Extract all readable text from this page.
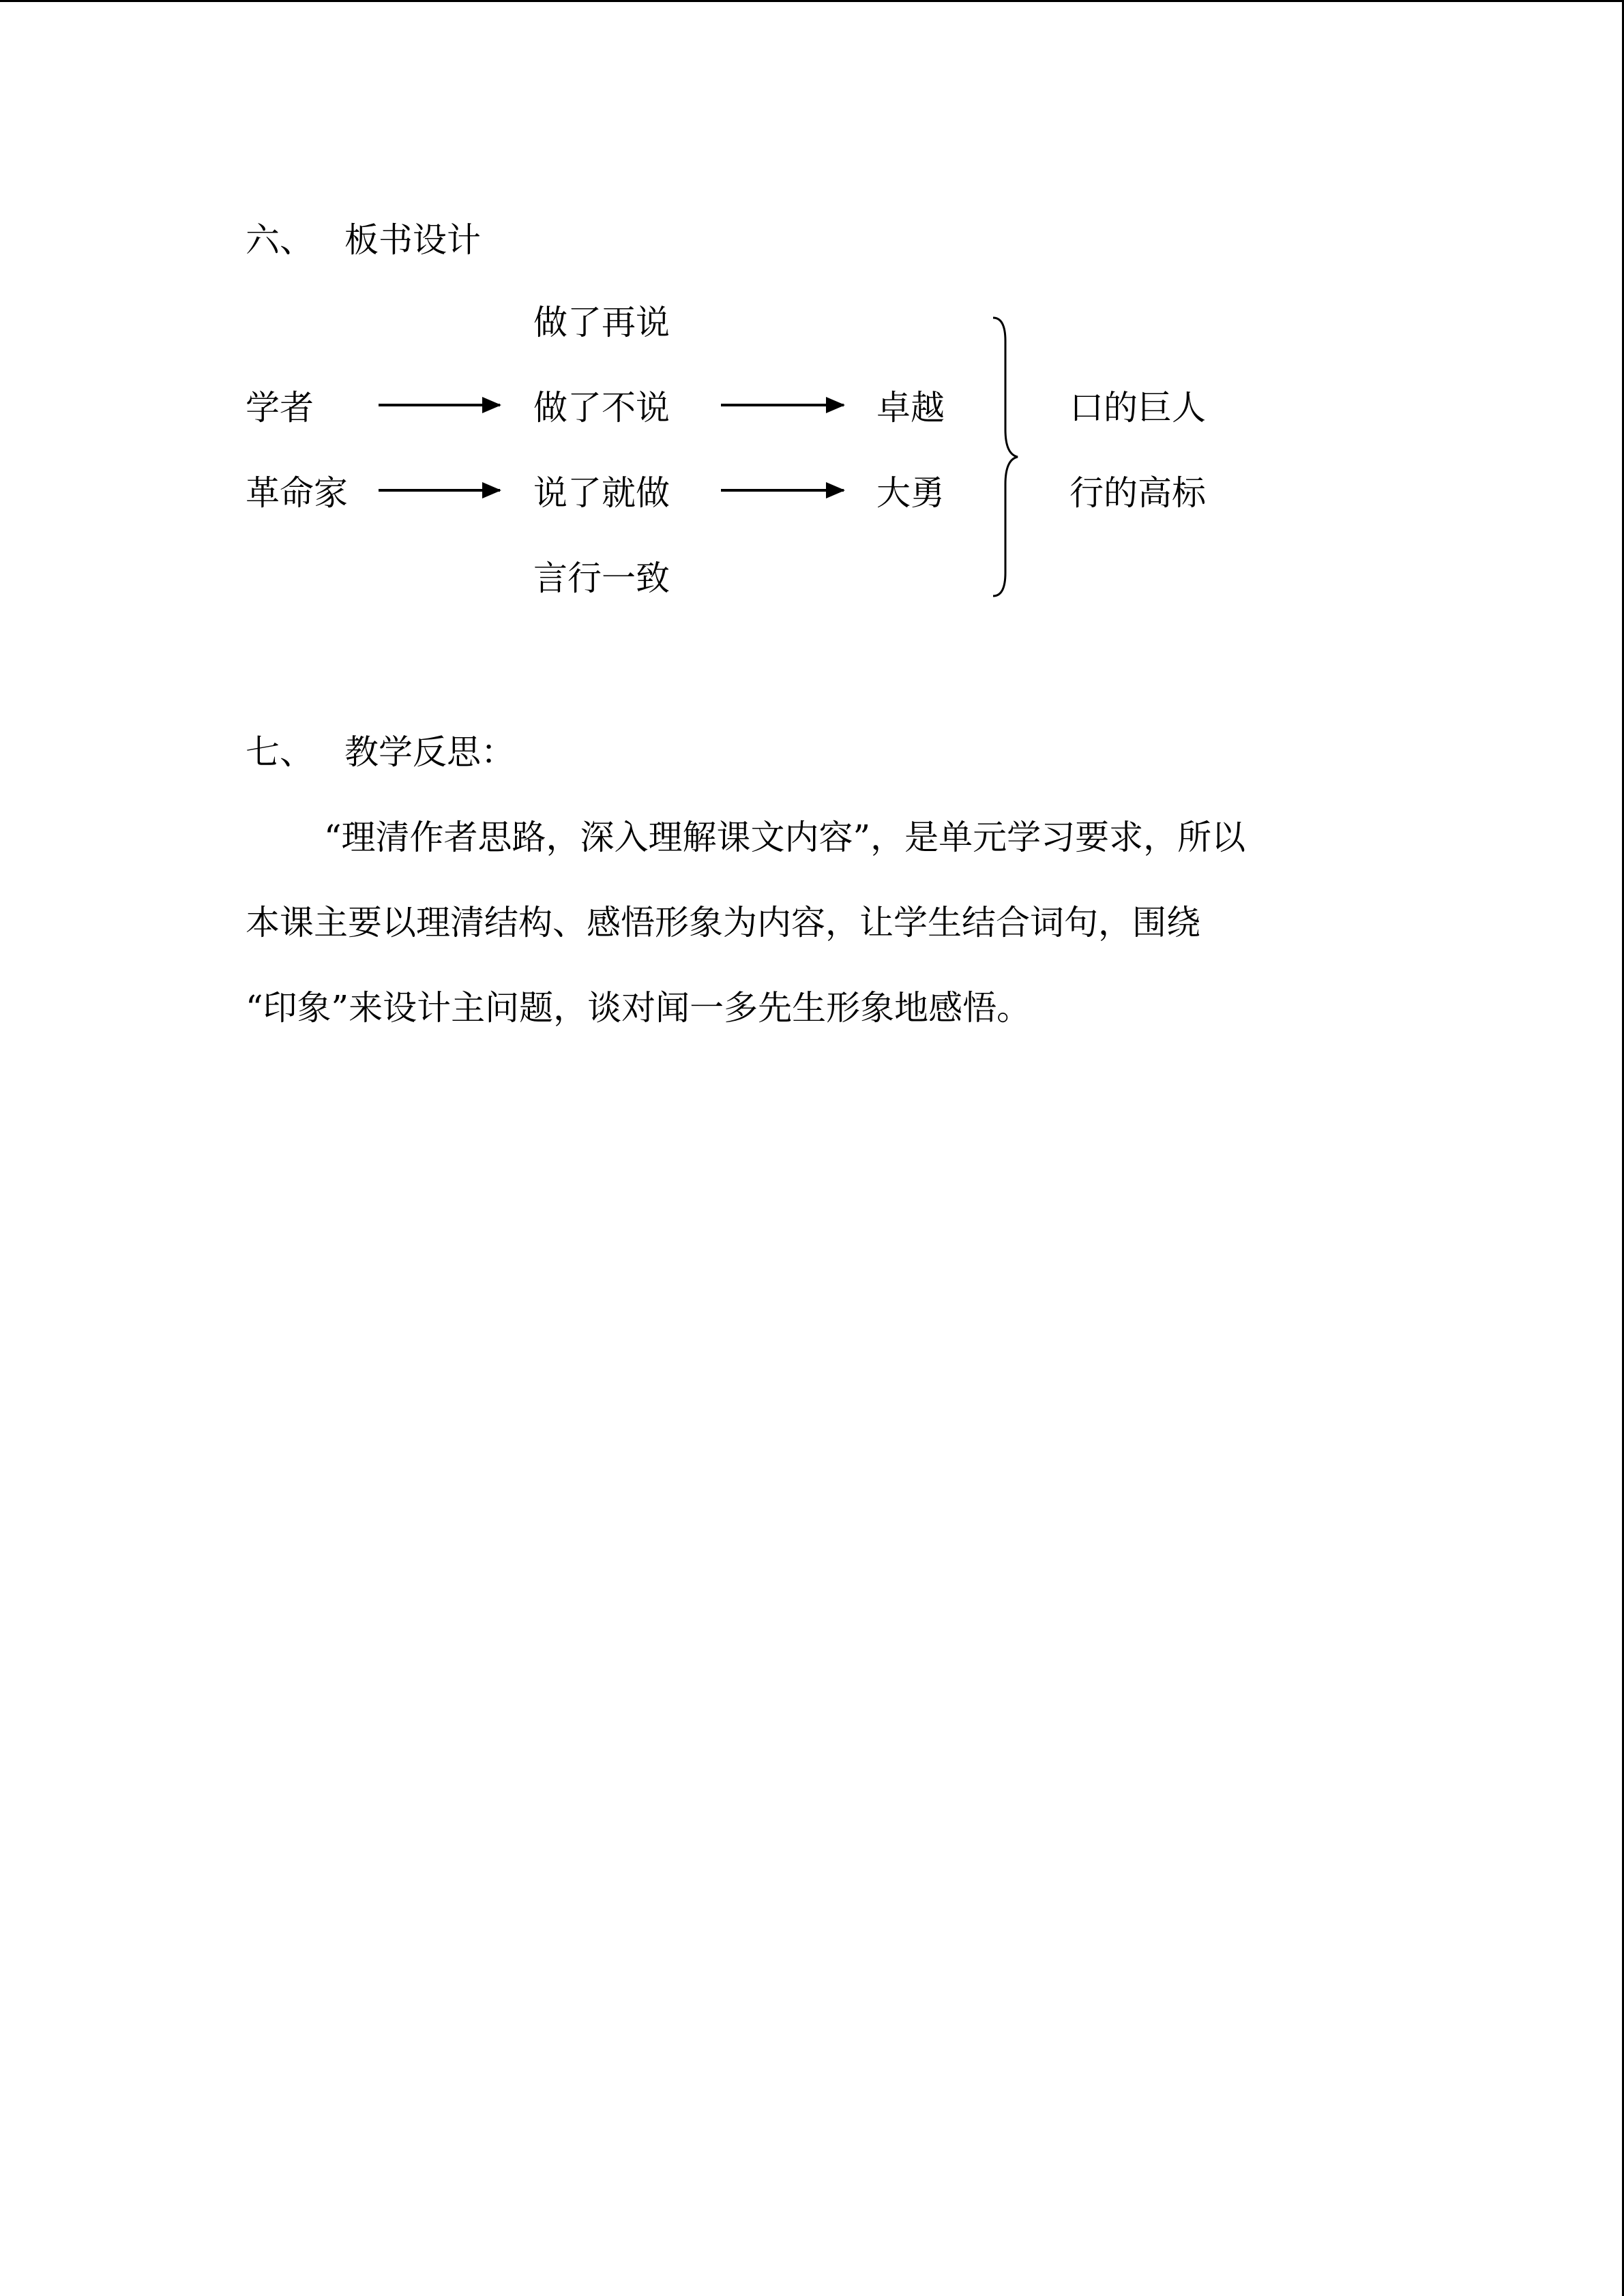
六、 板书设计
做了再说
学者	做了不说	卓越	口的巨人
革命家	说了就做	大勇	行的高标
言行一致
七、 教学反思：
“理清作者思路，深入理解课文内容”，是单元学习要求，所以
本课主要以理清结构、感悟形象为内容，让学生结合词句，围绕
“印象”来设计主问题，谈对闻一多先生形象地感悟。
